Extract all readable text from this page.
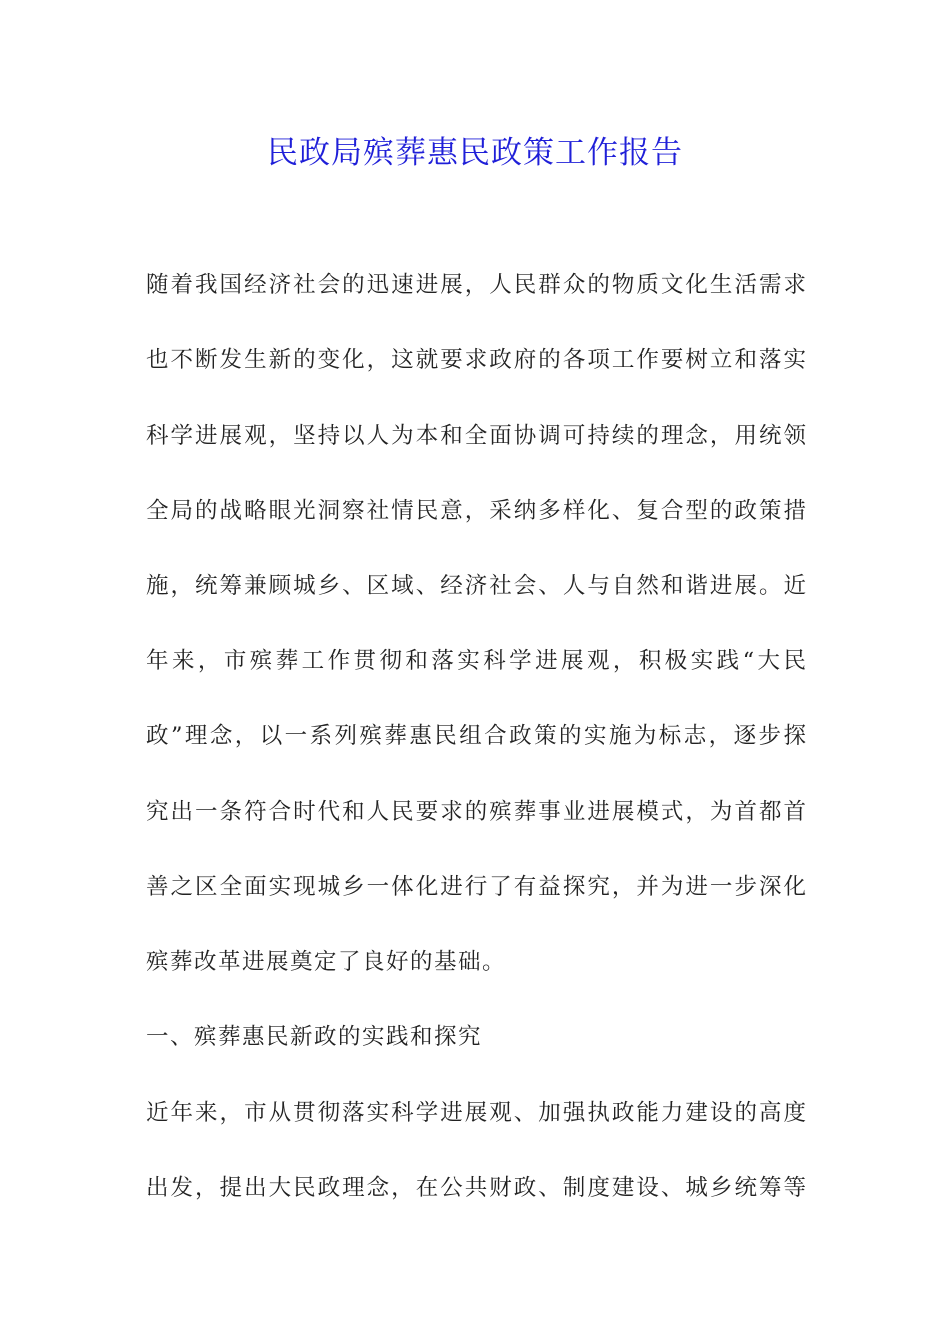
民政局殡葬惠民政策工作报告

随着我国经济社会的迅速进展，人民群众的物质文化生活需求

也不断发生新的变化，这就要求政府的各项工作要树立和落实

科学进展观，坚持以人为本和全面协调可持续的理念，用统领

全局的战略眼光洞察社情民意，采纳多样化、复合型的政策措

施，统筹兼顾城乡、区域、经济社会、人与自然和谐进展。近

年来，市殡葬工作贯彻和落实科学进展观，积极实践“大民

政”理念，以一系列殡葬惠民组合政策的实施为标志，逐步探

究出一条符合时代和人民要求的殡葬事业进展模式，为首都首

善之区全面实现城乡一体化进行了有益探究，并为进一步深化

殡葬改革进展奠定了良好的基础。

一、殡葬惠民新政的实践和探究

近年来，市从贯彻落实科学进展观、加强执政能力建设的高度

出发，提出大民政理念，在公共财政、制度建设、城乡统筹等
